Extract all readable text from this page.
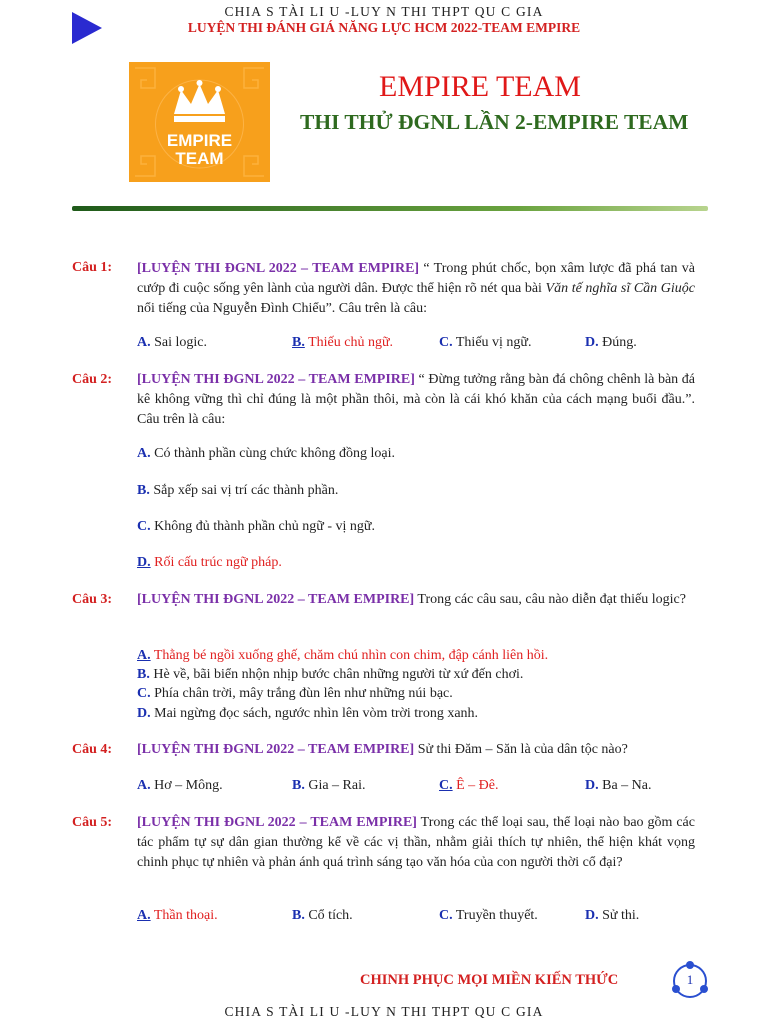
CHIA S TÀI LI U -LUY N THI THPT QU C GIA
LUYỆN THI ĐÁNH GIÁ NĂNG LỰC HCM 2022-TEAM EMPIRE
EMPIRE
TEAM
EMPIRE TEAM
THI THỬ ĐGNL LẦN 2-EMPIRE TEAM
Câu 1: [LUYỆN THI ĐGNL 2022 – TEAM EMPIRE] “ Trong phút chốc, bọn xâm lược đã phá tan và cướp đi cuộc sống yên lành của người dân. Được thể hiện rõ nét qua bài Văn tế nghĩa sĩ Cần Giuộc nổi tiếng của Nguyễn Đình Chiểu”. Câu trên là câu:
A. Sai logic.	B. Thiếu chủ ngữ.	C. Thiếu vị ngữ.	D. Đúng.
Câu 2: [LUYỆN THI ĐGNL 2022 – TEAM EMPIRE] “ Đừng tưởng rằng bàn đá chông chênh là bàn đá kê không vững thì chỉ đúng là một phần thôi, mà còn là cái khó khăn của cách mạng buổi đầu.”. Câu trên là câu:
A. Có thành phần cùng chức không đồng loại.
B. Sắp xếp sai vị trí các thành phần.
C. Không đủ thành phần chủ ngữ - vị ngữ.
D. Rối cấu trúc ngữ pháp.
Câu 3: [LUYỆN THI ĐGNL 2022 – TEAM EMPIRE] Trong các câu sau, câu nào diễn đạt thiếu logic?
A. Thằng bé ngồi xuống ghế, chăm chú nhìn con chim, đập cánh liên hồi.
B. Hè về, bãi biển nhộn nhịp bước chân những người từ xứ đến chơi.
C. Phía chân trời, mây trắng đùn lên như những núi bạc.
D. Mai ngừng đọc sách, ngước nhìn lên vòm trời trong xanh.
Câu 4: [LUYỆN THI ĐGNL 2022 – TEAM EMPIRE] Sử thi Đăm – Săn là của dân tộc nào?
A. Hơ – Mông.	B. Gia – Rai.	C. Ê – Đê.	D. Ba – Na.
Câu 5: [LUYỆN THI ĐGNL 2022 – TEAM EMPIRE] Trong các thể loại sau, thể loại nào bao gồm các tác phẩm tự sự dân gian thường kể về các vị thần, nhằm giải thích tự nhiên, thể hiện khát vọng chinh phục tự nhiên và phản ánh quá trình sáng tạo văn hóa của con người thời cổ đại?
A. Thần thoại.	B. Cổ tích.	C. Truyền thuyết.	D. Sử thi.
CHINH PHỤC MỌI MIỀN KIẾN THỨC	1
CHIA S TÀI LI U -LUY N THI THPT QU C GIA
